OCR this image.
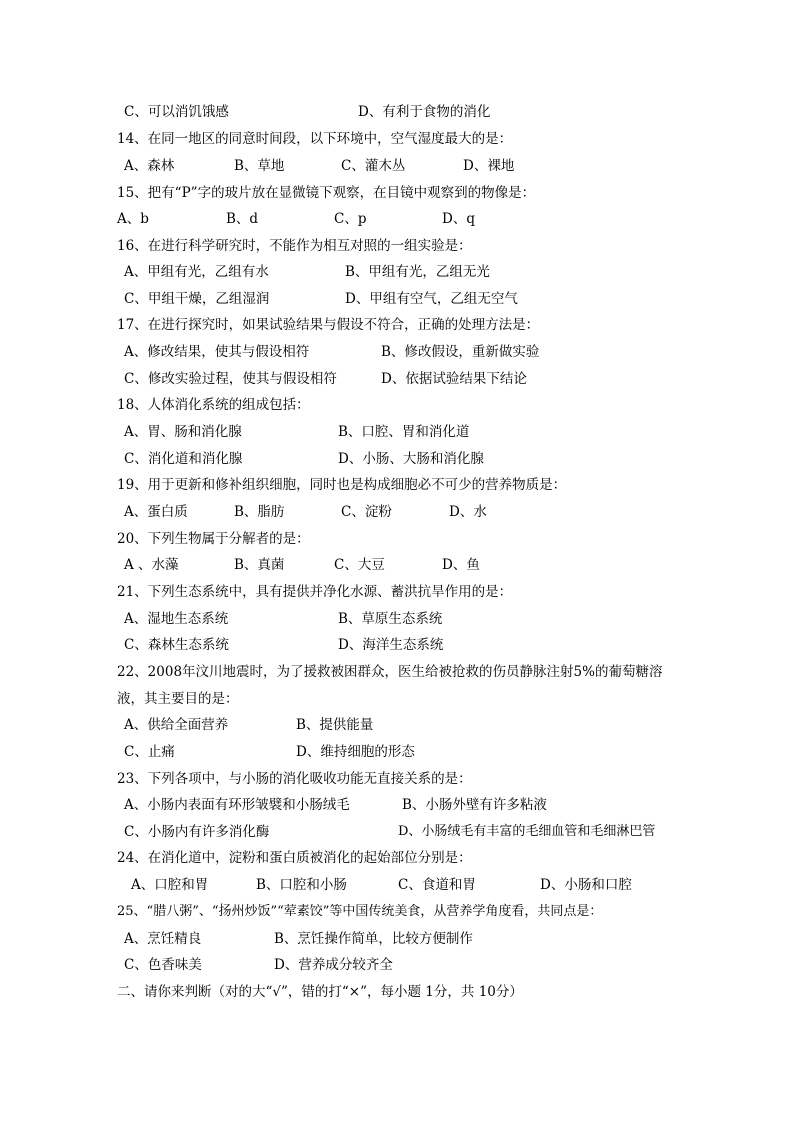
C、可以消饥饿感	D、有利于食物的消化
14、在同一地区的同意时间段，以下环境中，空气湿度最大的是：
A、森林	B、草地	C、灌木丛	D、裸地
15、把有“P”字的玻片放在显微镜下观察，在目镜中观察到的物像是：
A、b	B、d	C、p	D、q
16、在进行科学研究时，不能作为相互对照的一组实验是：
A、甲组有光，乙组有水	B、甲组有光，乙组无光
C、甲组干燥，乙组湿润	D、甲组有空气，乙组无空气
17、在进行探究时，如果试验结果与假设不符合，正确的处理方法是：
A、修改结果，使其与假设相符	B、修改假设，重新做实验
C、修改实验过程，使其与假设相符	D、依据试验结果下结论
18、人体消化系统的组成包括：
A、胃、肠和消化腺	B、口腔、胃和消化道
C、消化道和消化腺	D、小肠、大肠和消化腺
19、用于更新和修补组织细胞，同时也是构成细胞必不可少的营养物质是：
A、蛋白质	B、脂肪	C、淀粉	D、水
20、下列生物属于分解者的是：
A 、水藻	B、真菌	C、大豆	D、鱼
21、下列生态系统中，具有提供并净化水源、蓄洪抗旱作用的是：
A、湿地生态系统	B、草原生态系统
C、森林生态系统	D、海洋生态系统
22、2008年汶川地震时，为了援救被困群众，医生给被抢救的伤员静脉注射5%的葡萄糖溶
液，其主要目的是：
A、供给全面营养	B、提供能量
C、止痛	D、维持细胞的形态
23、下列各项中，与小肠的消化吸收功能无直接关系的是：
A、小肠内表面有环形皱襞和小肠绒毛	B、小肠外壁有许多粘液
C、小肠内有许多消化酶	D、小肠绒毛有丰富的毛细血管和毛细淋巴管
24、在消化道中，淀粉和蛋白质被消化的起始部位分别是：
A、口腔和胃	B、口腔和小肠	C、食道和胃	D、小肠和口腔
25、“腊八粥”、“扬州炒饭”“荤素饺”等中国传统美食，从营养学角度看，共同点是：
A、烹饪精良	B、烹饪操作简单，比较方便制作
C、色香味美	D、营养成分较齐全
二、请你来判断（对的大“√”，错的打“×”，每小题 1分，共 10分）
